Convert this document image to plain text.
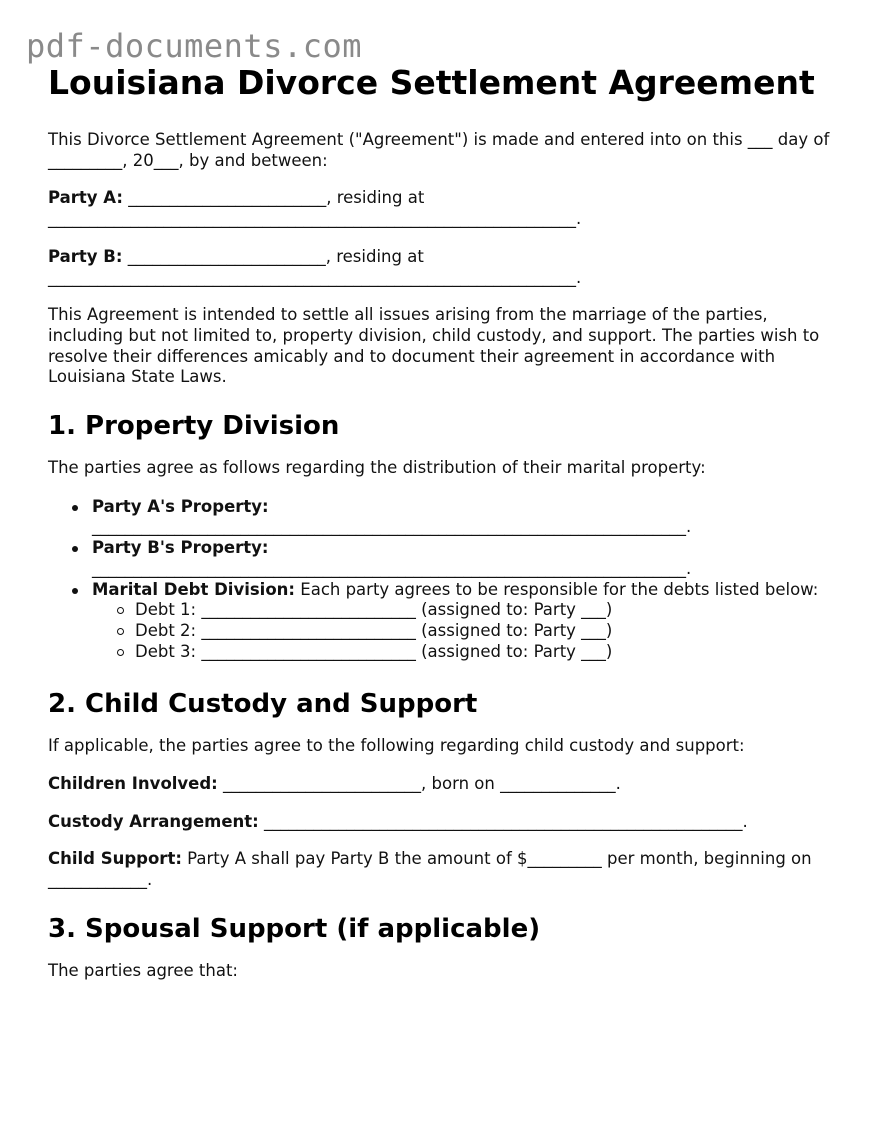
pdf-documents.com
Louisiana Divorce Settlement Agreement

This Divorce Settlement Agreement ("Agreement") is made and entered into on this ___ day of _________, 20___, by and between:

Party A: ________________________, residing at
________________________________________________________________.

Party B: ________________________, residing at
________________________________________________________________.

This Agreement is intended to settle all issues arising from the marriage of the parties, including but not limited to, property division, child custody, and support. The parties wish to resolve their differences amicably and to document their agreement in accordance with Louisiana State Laws.

1. Property Division

The parties agree as follows regarding the distribution of their marital property:

Party A's Property:
________________________________________________________________________.
Party B's Property:
________________________________________________________________________.
Marital Debt Division: Each party agrees to be responsible for the debts listed below:
Debt 1: __________________________ (assigned to: Party ___)
Debt 2: __________________________ (assigned to: Party ___)
Debt 3: __________________________ (assigned to: Party ___)
2. Child Custody and Support

If applicable, the parties agree to the following regarding child custody and support:

Children Involved: ________________________, born on ______________.

Custody Arrangement: __________________________________________________________.

Child Support: Party A shall pay Party B the amount of $_________ per month, beginning on ____________.

3. Spousal Support (if applicable)

The parties agree that:
